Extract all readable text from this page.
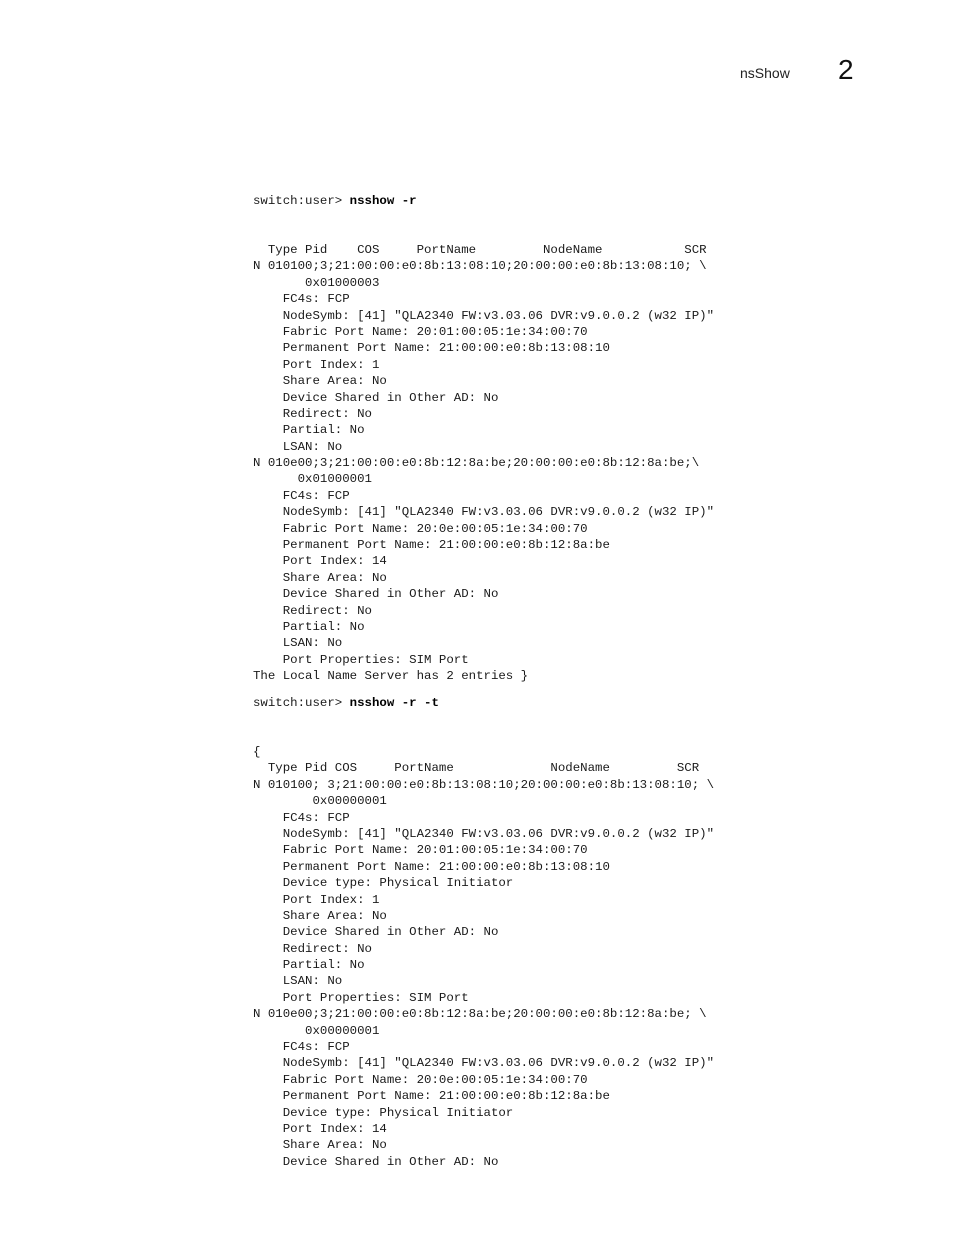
nsShow 2

switch:user> nsshow -r

Type Pid    COS     PortName         NodeName           SCR
N 010100;3;21:00:00:e0:8b:13:08:10;20:00:00:e0:8b:13:08:10; \
0x01000003
FC4s: FCP
NodeSymb: [41] "QLA2340 FW:v3.03.06 DVR:v9.0.0.2 (w32 IP)"
Fabric Port Name: 20:01:00:05:1e:34:00:70
Permanent Port Name: 21:00:00:e0:8b:13:08:10
Port Index: 1
Share Area: No
Device Shared in Other AD: No
Redirect: No
Partial: No
LSAN: No
N 010e00;3;21:00:00:e0:8b:12:8a:be;20:00:00:e0:8b:12:8a:be;\
0x01000001
FC4s: FCP
NodeSymb: [41] "QLA2340 FW:v3.03.06 DVR:v9.0.0.2 (w32 IP)"
Fabric Port Name: 20:0e:00:05:1e:34:00:70
Permanent Port Name: 21:00:00:e0:8b:12:8a:be
Port Index: 14
Share Area: No
Device Shared in Other AD: No
Redirect: No
Partial: No
LSAN: No
Port Properties: SIM Port
The Local Name Server has 2 entries }

switch:user> nsshow -r -t

{
Type Pid COS     PortName             NodeName         SCR
N 010100; 3;21:00:00:e0:8b:13:08:10;20:00:00:e0:8b:13:08:10; \
0x00000001
FC4s: FCP
NodeSymb: [41] "QLA2340 FW:v3.03.06 DVR:v9.0.0.2 (w32 IP)"
Fabric Port Name: 20:01:00:05:1e:34:00:70
Permanent Port Name: 21:00:00:e0:8b:13:08:10
Device type: Physical Initiator
Port Index: 1
Share Area: No
Device Shared in Other AD: No
Redirect: No
Partial: No
LSAN: No
Port Properties: SIM Port
N 010e00;3;21:00:00:e0:8b:12:8a:be;20:00:00:e0:8b:12:8a:be; \
0x00000001
FC4s: FCP
NodeSymb: [41] "QLA2340 FW:v3.03.06 DVR:v9.0.0.2 (w32 IP)"
Fabric Port Name: 20:0e:00:05:1e:34:00:70
Permanent Port Name: 21:00:00:e0:8b:12:8a:be
Device type: Physical Initiator
Port Index: 14
Share Area: No
Device Shared in Other AD: No
